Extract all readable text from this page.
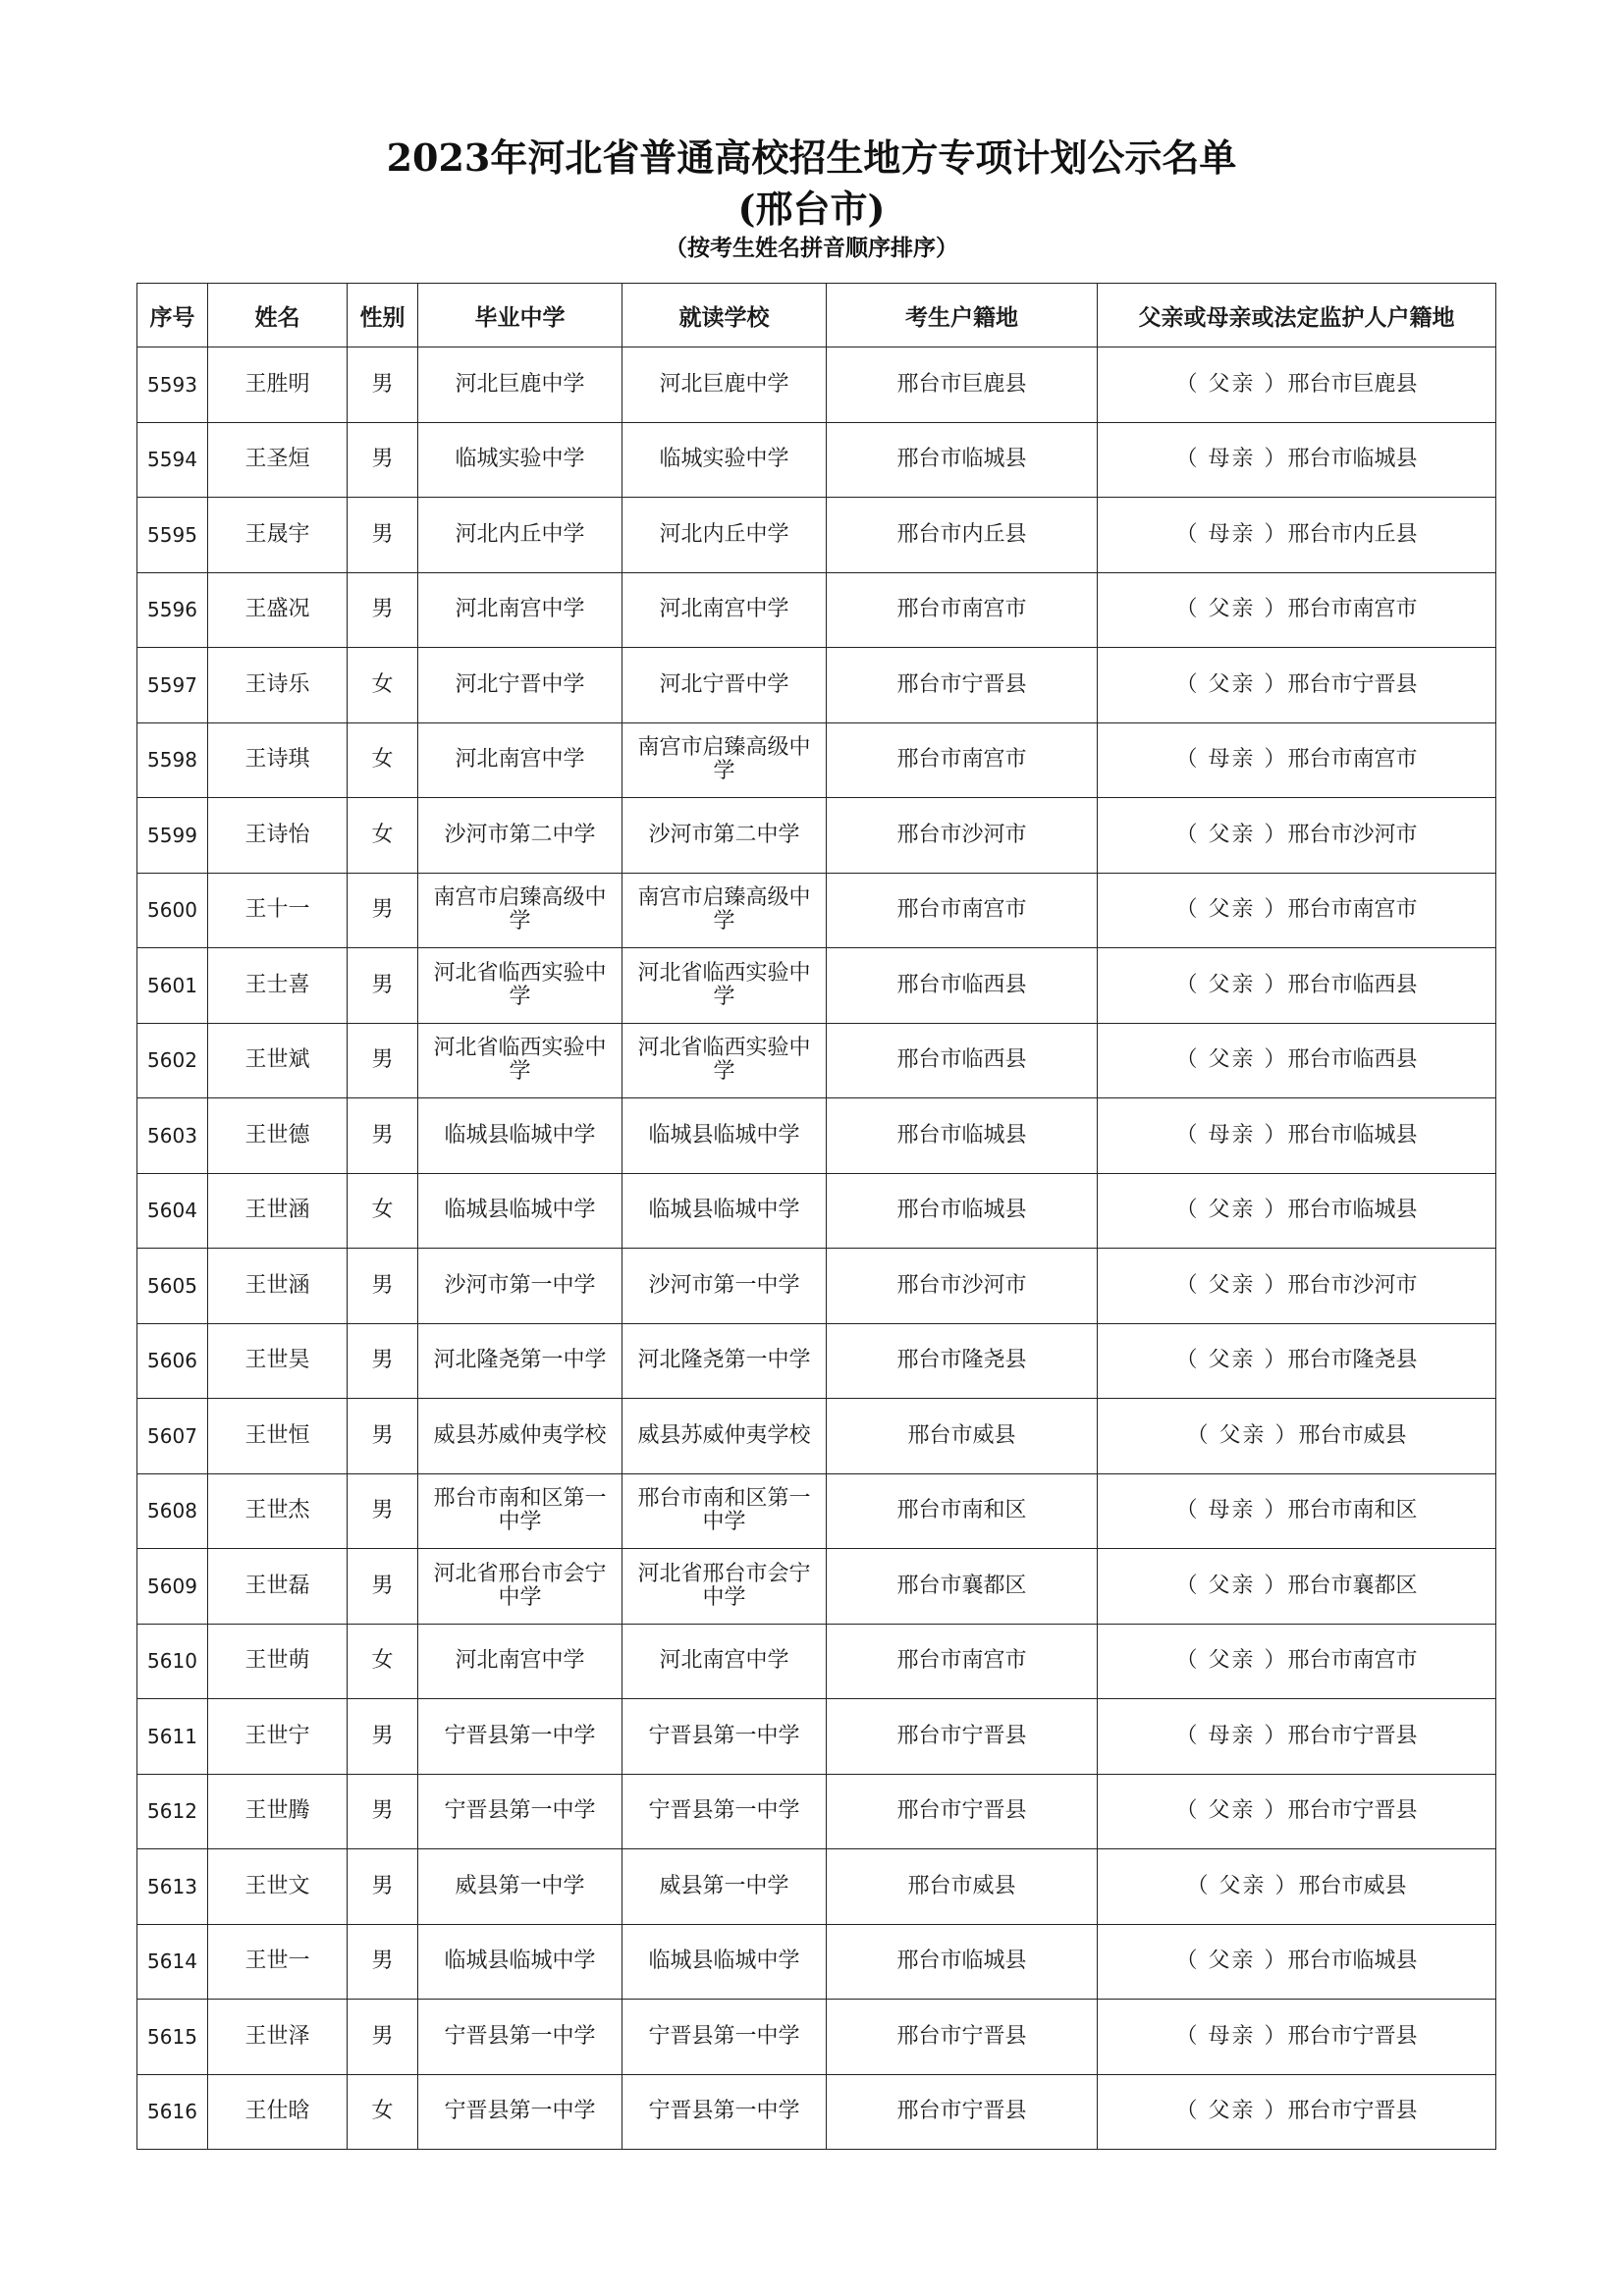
2023年河北省普通高校招生地方专项计划公示名单
(邢台市)
（按考生姓名拼音顺序排序）
序号	姓名	性别	毕业中学	就读学校	考生户籍地	父亲或母亲或法定监护人户籍地
5593	王胜明	男	河北巨鹿中学	河北巨鹿中学	邢台市巨鹿县	（ 父亲 ）邢台市巨鹿县
5594	王圣烜	男	临城实验中学	临城实验中学	邢台市临城县	（ 母亲 ）邢台市临城县
5595	王晟宇	男	河北内丘中学	河北内丘中学	邢台市内丘县	（ 母亲 ）邢台市内丘县
5596	王盛况	男	河北南宫中学	河北南宫中学	邢台市南宫市	（ 父亲 ）邢台市南宫市
5597	王诗乐	女	河北宁晋中学	河北宁晋中学	邢台市宁晋县	（ 父亲 ）邢台市宁晋县
5598	王诗琪	女	河北南宫中学	南宫市启臻高级中学	邢台市南宫市	（ 母亲 ）邢台市南宫市
5599	王诗怡	女	沙河市第二中学	沙河市第二中学	邢台市沙河市	（ 父亲 ）邢台市沙河市
5600	王十一	男	南宫市启臻高级中学	南宫市启臻高级中学	邢台市南宫市	（ 父亲 ）邢台市南宫市
5601	王士喜	男	河北省临西实验中学	河北省临西实验中学	邢台市临西县	（ 父亲 ）邢台市临西县
5602	王世斌	男	河北省临西实验中学	河北省临西实验中学	邢台市临西县	（ 父亲 ）邢台市临西县
5603	王世德	男	临城县临城中学	临城县临城中学	邢台市临城县	（ 母亲 ）邢台市临城县
5604	王世涵	女	临城县临城中学	临城县临城中学	邢台市临城县	（ 父亲 ）邢台市临城县
5605	王世涵	男	沙河市第一中学	沙河市第一中学	邢台市沙河市	（ 父亲 ）邢台市沙河市
5606	王世昊	男	河北隆尧第一中学	河北隆尧第一中学	邢台市隆尧县	（ 父亲 ）邢台市隆尧县
5607	王世恒	男	威县苏威仲夷学校	威县苏威仲夷学校	邢台市威县	（ 父亲 ）邢台市威县
5608	王世杰	男	邢台市南和区第一中学	邢台市南和区第一中学	邢台市南和区	（ 母亲 ）邢台市南和区
5609	王世磊	男	河北省邢台市会宁中学	河北省邢台市会宁中学	邢台市襄都区	（ 父亲 ）邢台市襄都区
5610	王世萌	女	河北南宫中学	河北南宫中学	邢台市南宫市	（ 父亲 ）邢台市南宫市
5611	王世宁	男	宁晋县第一中学	宁晋县第一中学	邢台市宁晋县	（ 母亲 ）邢台市宁晋县
5612	王世腾	男	宁晋县第一中学	宁晋县第一中学	邢台市宁晋县	（ 父亲 ）邢台市宁晋县
5613	王世文	男	威县第一中学	威县第一中学	邢台市威县	（ 父亲 ）邢台市威县
5614	王世一	男	临城县临城中学	临城县临城中学	邢台市临城县	（ 父亲 ）邢台市临城县
5615	王世泽	男	宁晋县第一中学	宁晋县第一中学	邢台市宁晋县	（ 母亲 ）邢台市宁晋县
5616	王仕晗	女	宁晋县第一中学	宁晋县第一中学	邢台市宁晋县	（ 父亲 ）邢台市宁晋县
